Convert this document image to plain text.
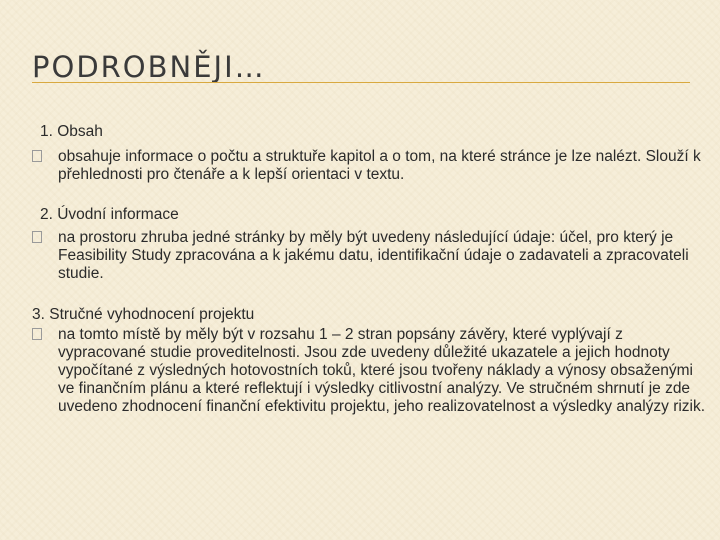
PODROBNĚJI…
1. Obsah
obsahuje informace o počtu a struktuře kapitol a o tom, na které stránce je lze nalézt. Slouží k přehlednosti pro čtenáře a k lepší orientaci v textu.
2. Úvodní informace
na prostoru zhruba jedné stránky by měly být uvedeny následující údaje: účel, pro který je Feasibility Study zpracována a k jakému datu, identifikační údaje o zadavateli a zpracovateli studie.
3. Stručné vyhodnocení projektu
na tomto místě by měly být v rozsahu 1 – 2 stran popsány závěry, které vyplývají z vypracované studie proveditelnosti. Jsou zde uvedeny důležité ukazatele a jejich hodnoty vypočítané z výsledných hotovostních toků, které jsou tvořeny náklady a výnosy obsaženými ve finančním plánu a které reflektují i výsledky citlivostní analýzy. Ve stručném shrnutí je zde uvedeno zhodnocení finanční efektivitu projektu, jeho realizovatelnost a výsledky analýzy rizik.
